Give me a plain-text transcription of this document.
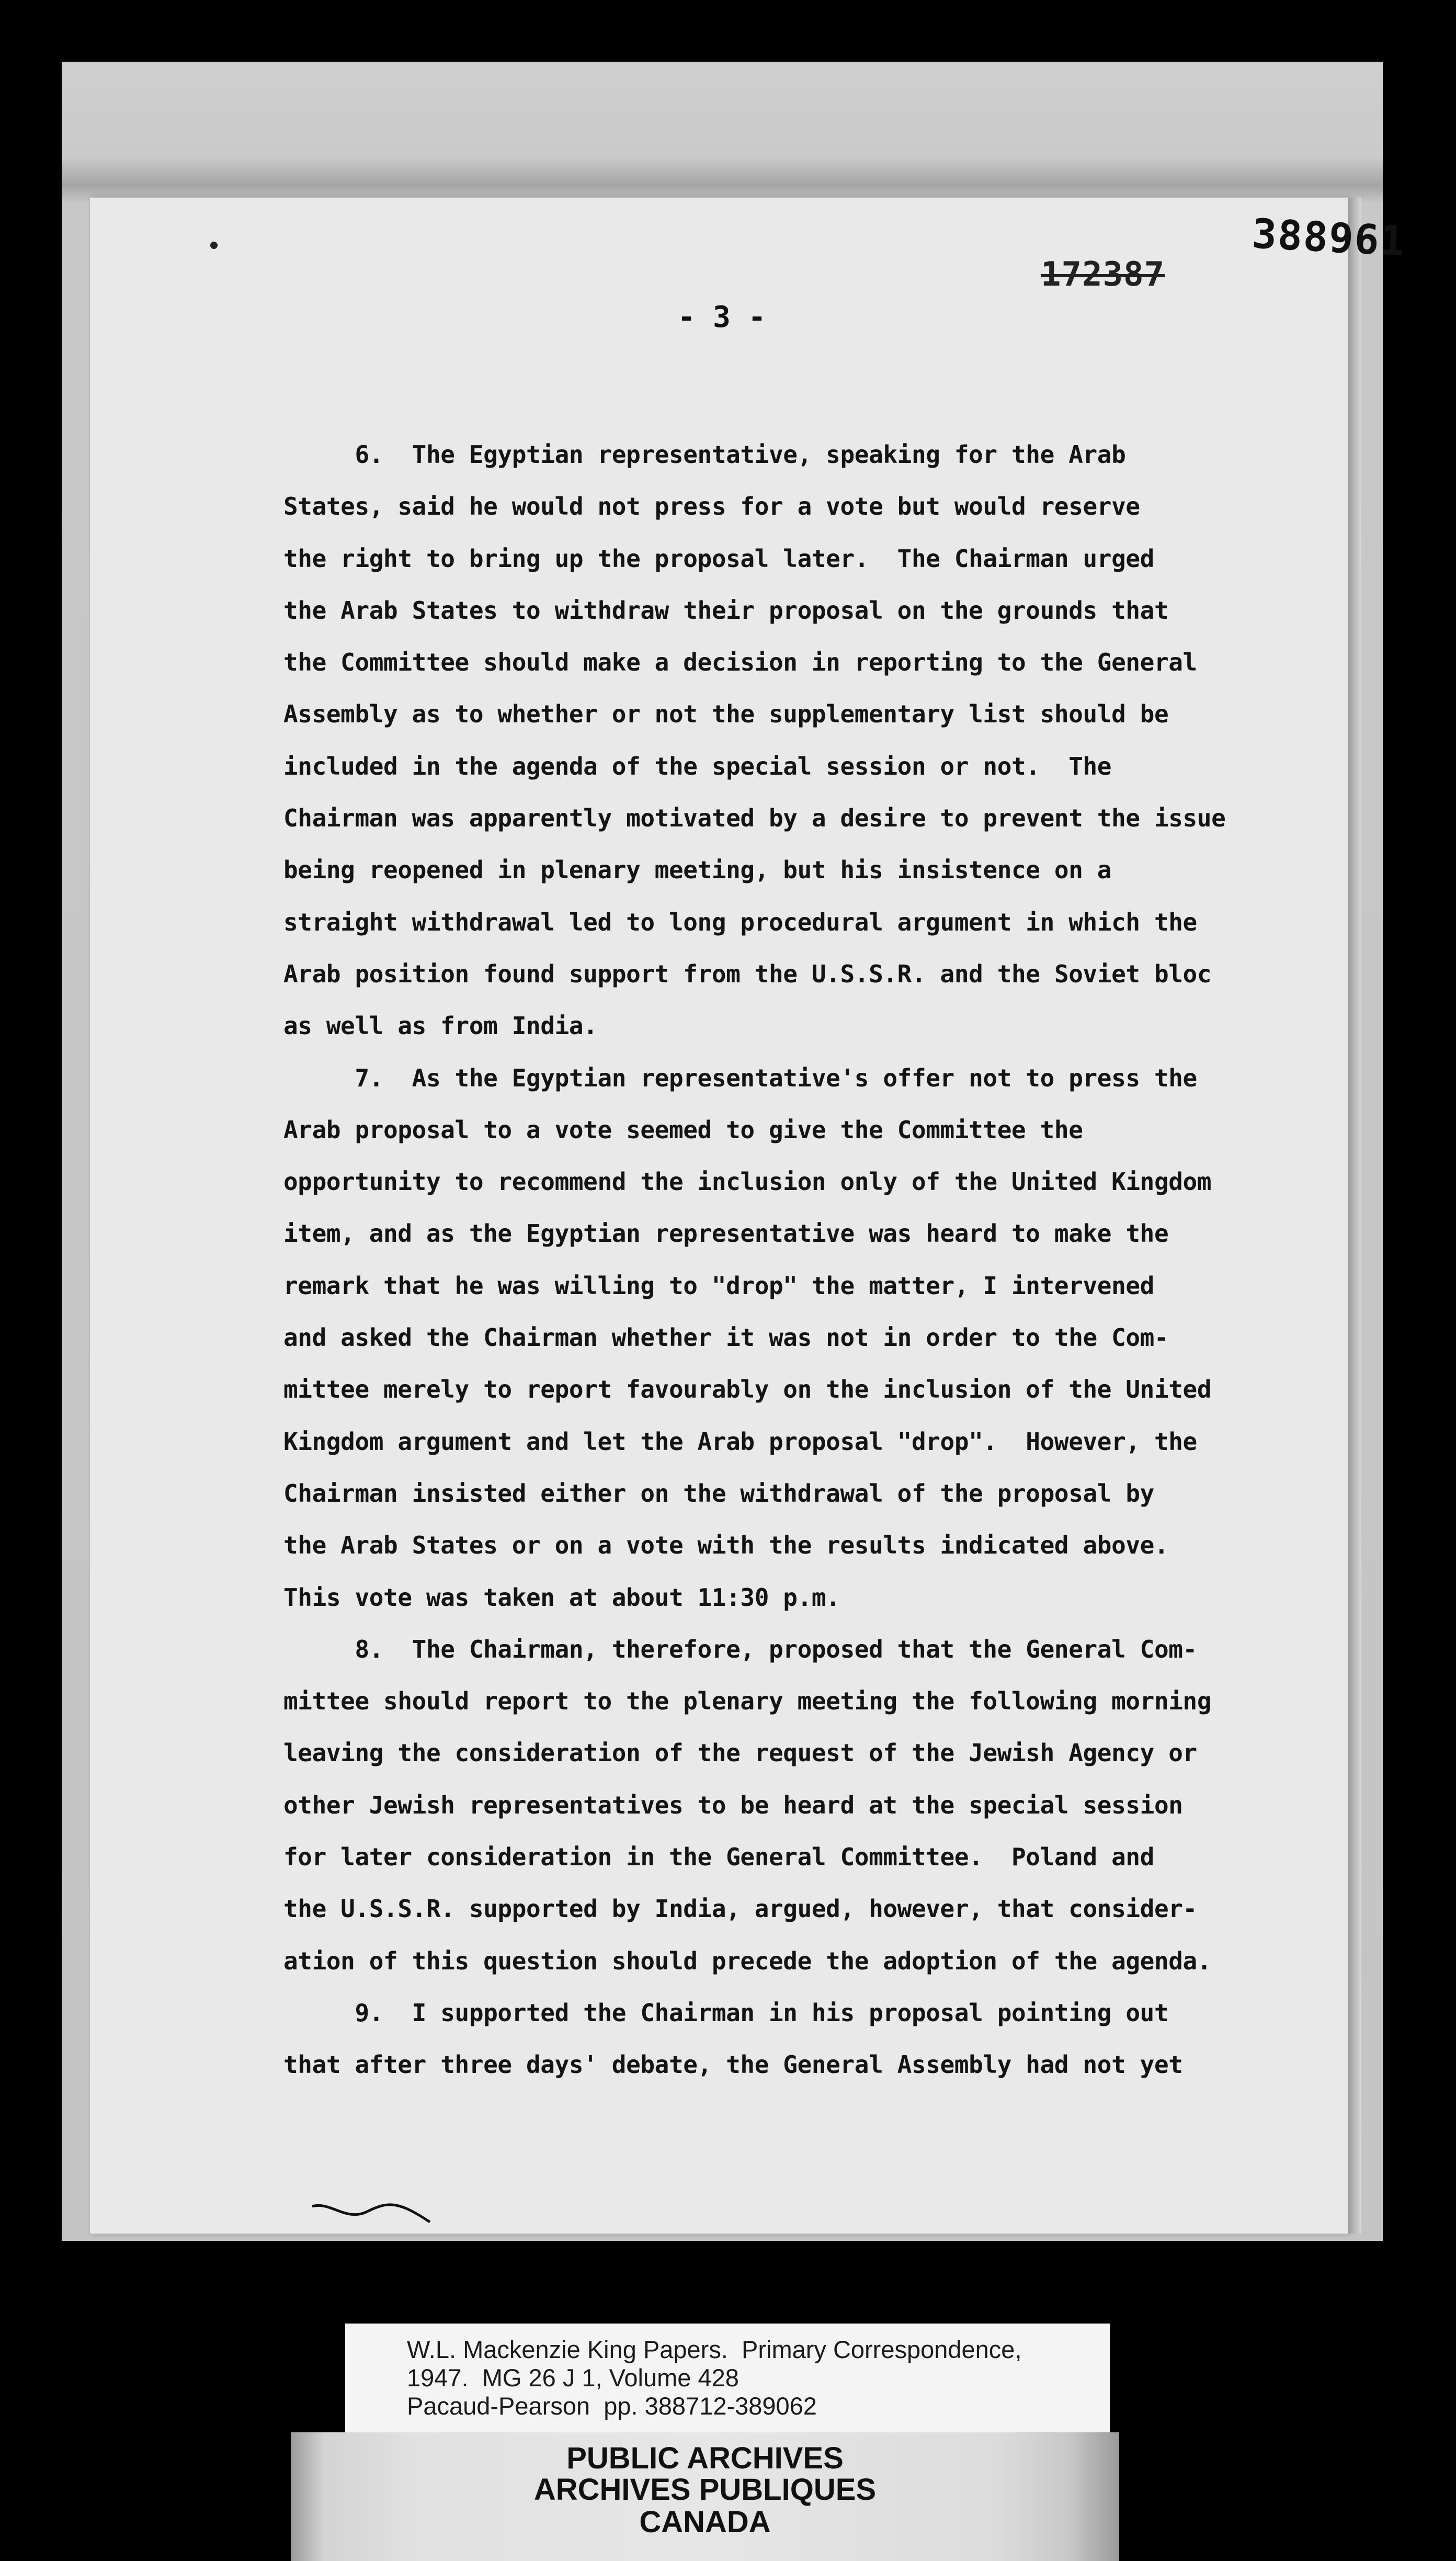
388961
172387
- 3 -
6.  The Egyptian representative, speaking for the Arab
States, said he would not press for a vote but would reserve
the right to bring up the proposal later.  The Chairman urged
the Arab States to withdraw their proposal on the grounds that
the Committee should make a decision in reporting to the General
Assembly as to whether or not the supplementary list should be
included in the agenda of the special session or not.  The
Chairman was apparently motivated by a desire to prevent the issue
being reopened in plenary meeting, but his insistence on a
straight withdrawal led to long procedural argument in which the
Arab position found support from the U.S.S.R. and the Soviet bloc
as well as from India.
7.  As the Egyptian representative's offer not to press the
Arab proposal to a vote seemed to give the Committee the
opportunity to recommend the inclusion only of the United Kingdom
item, and as the Egyptian representative was heard to make the
remark that he was willing to "drop" the matter, I intervened
and asked the Chairman whether it was not in order to the Com-
mittee merely to report favourably on the inclusion of the United
Kingdom argument and let the Arab proposal "drop".  However, the
Chairman insisted either on the withdrawal of the proposal by
the Arab States or on a vote with the results indicated above.
This vote was taken at about 11:30 p.m.
8.  The Chairman, therefore, proposed that the General Com-
mittee should report to the plenary meeting the following morning
leaving the consideration of the request of the Jewish Agency or
other Jewish representatives to be heard at the special session
for later consideration in the General Committee.  Poland and
the U.S.S.R. supported by India, argued, however, that consider-
ation of this question should precede the adoption of the agenda.
9.  I supported the Chairman in his proposal pointing out
that after three days' debate, the General Assembly had not yet
W.L. Mackenzie King Papers.  Primary Correspondence,
1947.  MG 26 J 1, Volume 428
Pacaud-Pearson  pp. 388712-389062
PUBLIC ARCHIVES
ARCHIVES PUBLIQUES
CANADA
